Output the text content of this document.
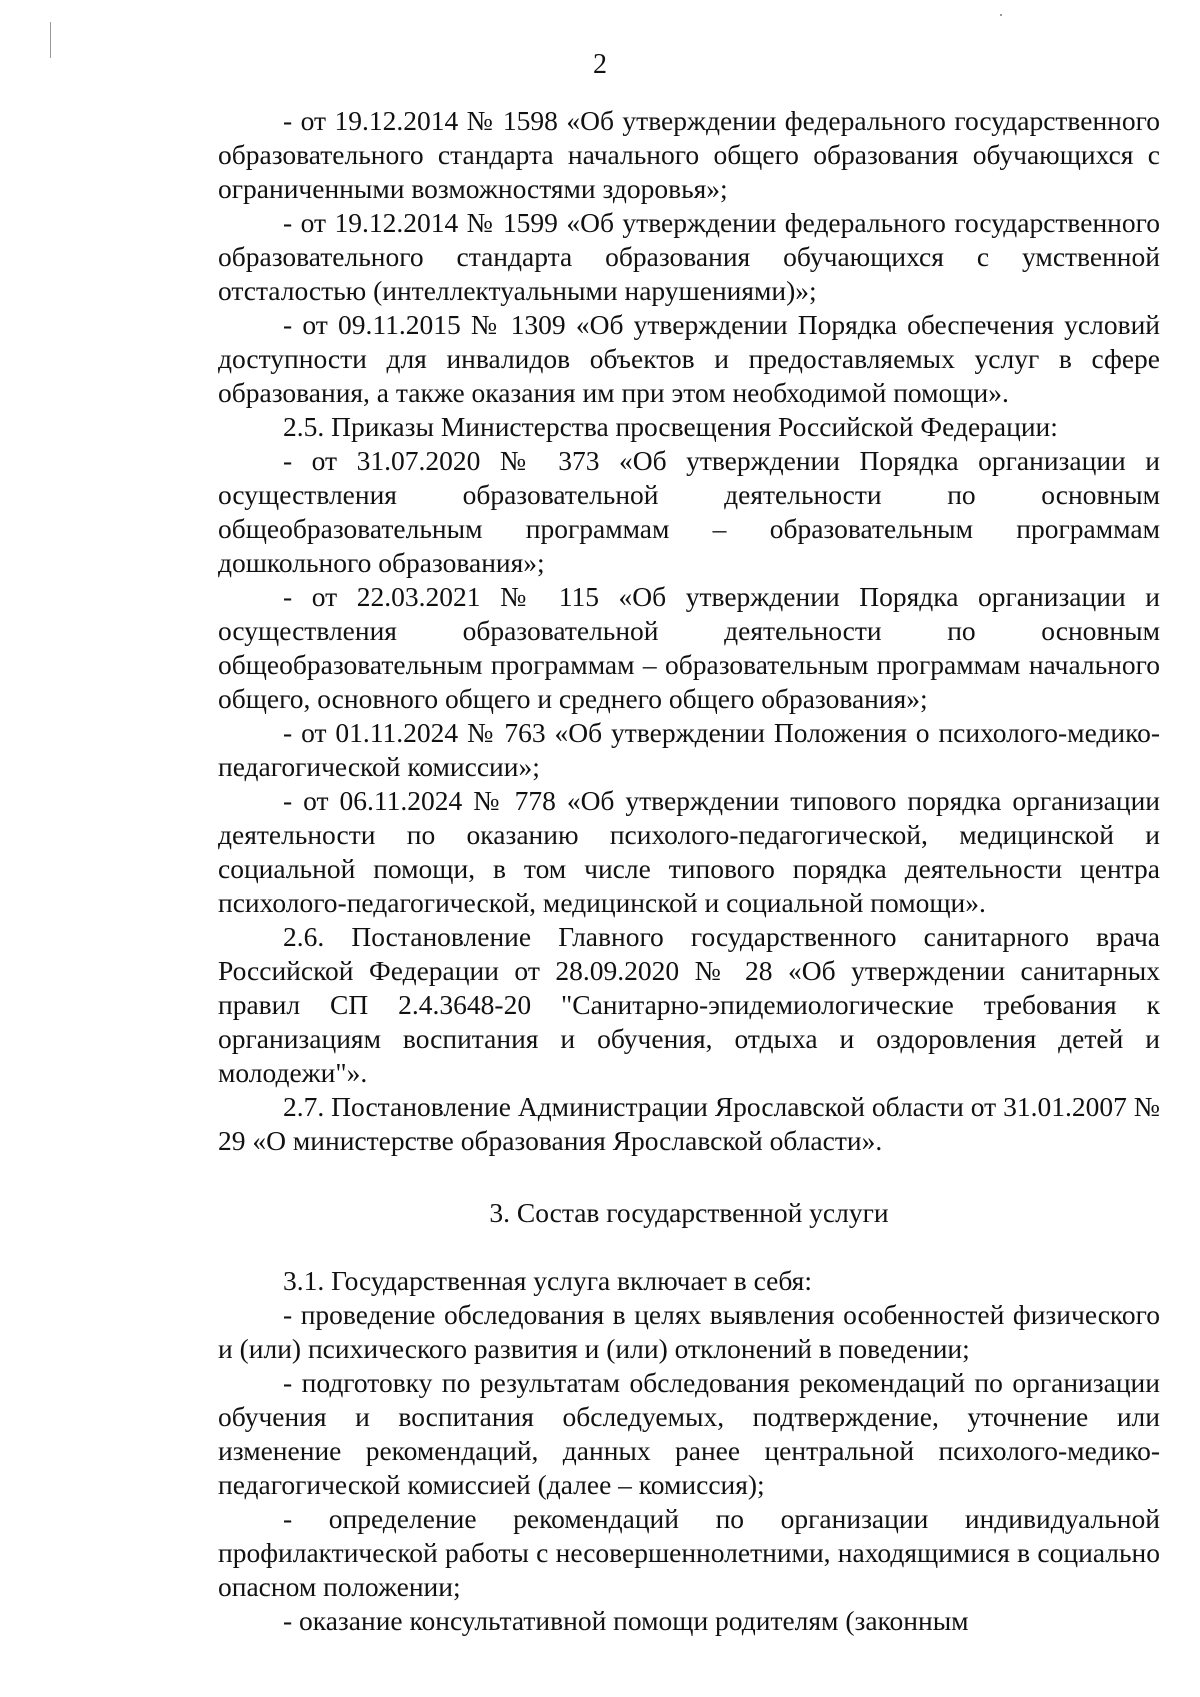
2

- от 19.12.2014 № 1598 «Об утверждении федерального государственного образовательного стандарта начального общего образования обучающихся с ограниченными возможностями здоровья»;

- от 19.12.2014 № 1599 «Об утверждении федерального государственного образовательного стандарта образования обучающихся с умственной отсталостью (интеллектуальными нарушениями)»;

- от 09.11.2015 № 1309 «Об утверждении Порядка обеспечения условий доступности для инвалидов объектов и предоставляемых услуг в сфере образования, а также оказания им при этом необходимой помощи».

2.5. Приказы Министерства просвещения Российской Федерации:

- от 31.07.2020 № 373 «Об утверждении Порядка организации и осуществления образовательной деятельности по основным общеобразовательным программам – образовательным программам дошкольного образования»;

- от 22.03.2021 № 115 «Об утверждении Порядка организации и осуществления образовательной деятельности по основным общеобразовательным программам – образовательным программам начального общего, основного общего и среднего общего образования»;

- от 01.11.2024 № 763 «Об утверждении Положения о психолого-медико-педагогической комиссии»;

- от 06.11.2024 № 778 «Об утверждении типового порядка организации деятельности по оказанию психолого-педагогической, медицинской и социальной помощи, в том числе типового порядка деятельности центра психолого-педагогической, медицинской и социальной помощи».

2.6. Постановление Главного государственного санитарного врача Российской Федерации от 28.09.2020 № 28 «Об утверждении санитарных правил СП 2.4.3648-20 "Санитарно-эпидемиологические требования к организациям воспитания и обучения, отдыха и оздоровления детей и молодежи"».

2.7. Постановление Администрации Ярославской области от 31.01.2007 № 29 «О министерстве образования Ярославской области».

3. Состав государственной услуги

3.1. Государственная услуга включает в себя:

- проведение обследования в целях выявления особенностей физического и (или) психического развития и (или) отклонений в поведении;

- подготовку по результатам обследования рекомендаций по организации обучения и воспитания обследуемых, подтверждение, уточнение или изменение рекомендаций, данных ранее центральной психолого-медико-педагогической комиссией (далее – комиссия);

- определение рекомендаций по организации индивидуальной профилактической работы с несовершеннолетними, находящимися в социально опасном положении;

- оказание консультативной помощи родителям (законным
